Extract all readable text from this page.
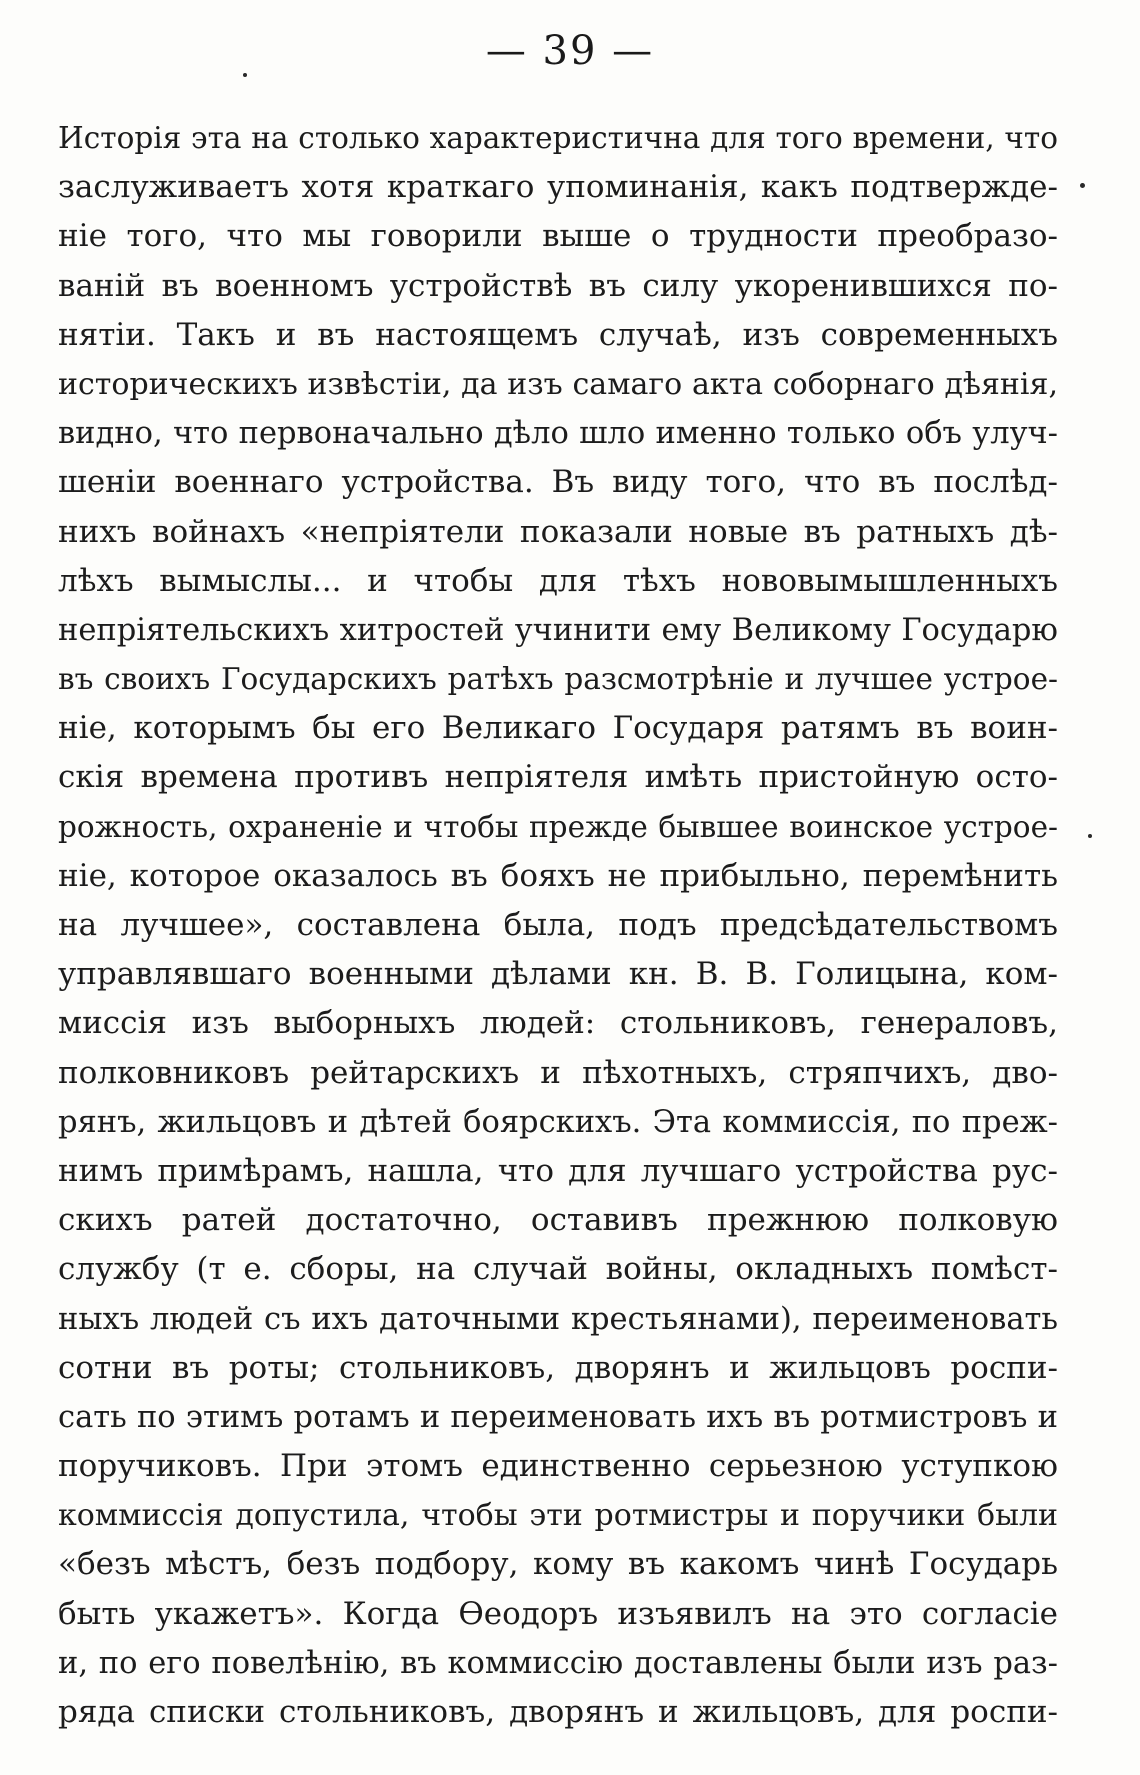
— 39 —
Исторія эта на столько характеристична для того времени, что
заслуживаетъ хотя краткаго упоминанія, какъ подтвержде-
ніе того, что мы говорили выше о трудности преобразо-
ваній въ военномъ устройствѣ въ силу укоренившихся по-
нятіи. Такъ и въ настоящемъ случаѣ, изъ современныхъ
историческихъ извѣстіи, да изъ самаго акта соборнаго дѣянія,
видно, что первоначально дѣло шло именно только объ улуч-
шеніи военнаго устройства. Въ виду того, что въ послѣд-
нихъ войнахъ «непріятели показали новые въ ратныхъ дѣ-
лѣхъ вымыслы... и чтобы для тѣхъ нововымышленныхъ
непріятельскихъ хитростей учинити ему Великому Государю
въ своихъ Государскихъ ратѣхъ разсмотрѣніе и лучшее устрое-
ніе, которымъ бы его Великаго Государя ратямъ въ воин-
скія времена противъ непріятеля имѣть пристойную осто-
рожность, охраненіе и чтобы прежде бывшее воинское устрое-
ніе, которое оказалось въ бояхъ не прибыльно, перемѣнить
на лучшее», составлена была, подъ предсѣдательствомъ
управлявшаго военными дѣлами кн. В. В. Голицына, ком-
миссія изъ выборныхъ людей: стольниковъ, генераловъ,
полковниковъ рейтарскихъ и пѣхотныхъ, стряпчихъ, дво-
рянъ, жильцовъ и дѣтей боярскихъ. Эта коммиссія, по преж-
нимъ примѣрамъ, нашла, что для лучшаго устройства рус-
скихъ ратей достаточно, оставивъ прежнюю полковую
службу (т е. сборы, на случай войны, окладныхъ помѣст-
ныхъ людей съ ихъ даточными крестьянами), переименовать
сотни въ роты; стольниковъ, дворянъ и жильцовъ роспи-
сать по этимъ ротамъ и переименовать ихъ въ ротмистровъ и
поручиковъ. При этомъ единственно серьезною уступкою
коммиссія допустила, чтобы эти ротмистры и поручики были
«безъ мѣстъ, безъ подбору, кому въ какомъ чинѣ Государь
быть укажетъ». Когда Ѳеодоръ изъявилъ на это согласіе
и, по его повелѣнію, въ коммиссію доставлены были изъ раз-
ряда списки стольниковъ, дворянъ и жильцовъ, для роспи-
